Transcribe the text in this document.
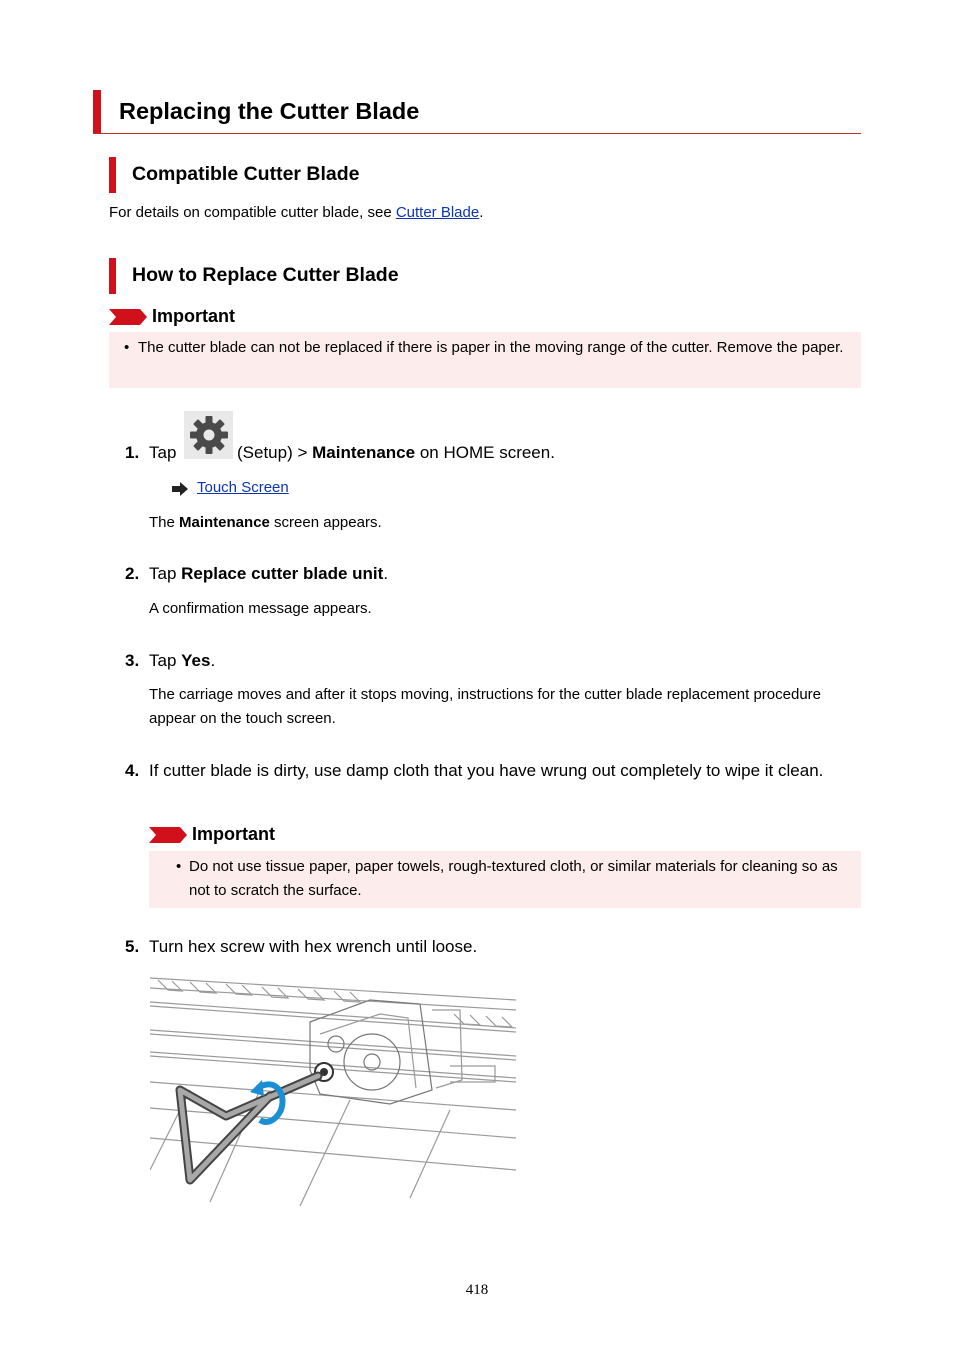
Replacing the Cutter Blade
Compatible Cutter Blade
For details on compatible cutter blade, see Cutter Blade.
How to Replace Cutter Blade
Important
• The cutter blade can not be replaced if there is paper in the moving range of the cutter. Remove the paper.
1. Tap	(Setup) > Maintenance on HOME screen.
Touch Screen
The Maintenance screen appears.
2. Tap Replace cutter blade unit.
A confirmation message appears.
3. Tap Yes.
The carriage moves and after it stops moving, instructions for the cutter blade replacement procedure appear on the touch screen.
4. If cutter blade is dirty, use damp cloth that you have wrung out completely to wipe it clean.
Important
• Do not use tissue paper, paper towels, rough-textured cloth, or similar materials for cleaning so as not to scratch the surface.
5. Turn hex screw with hex wrench until loose.
418
